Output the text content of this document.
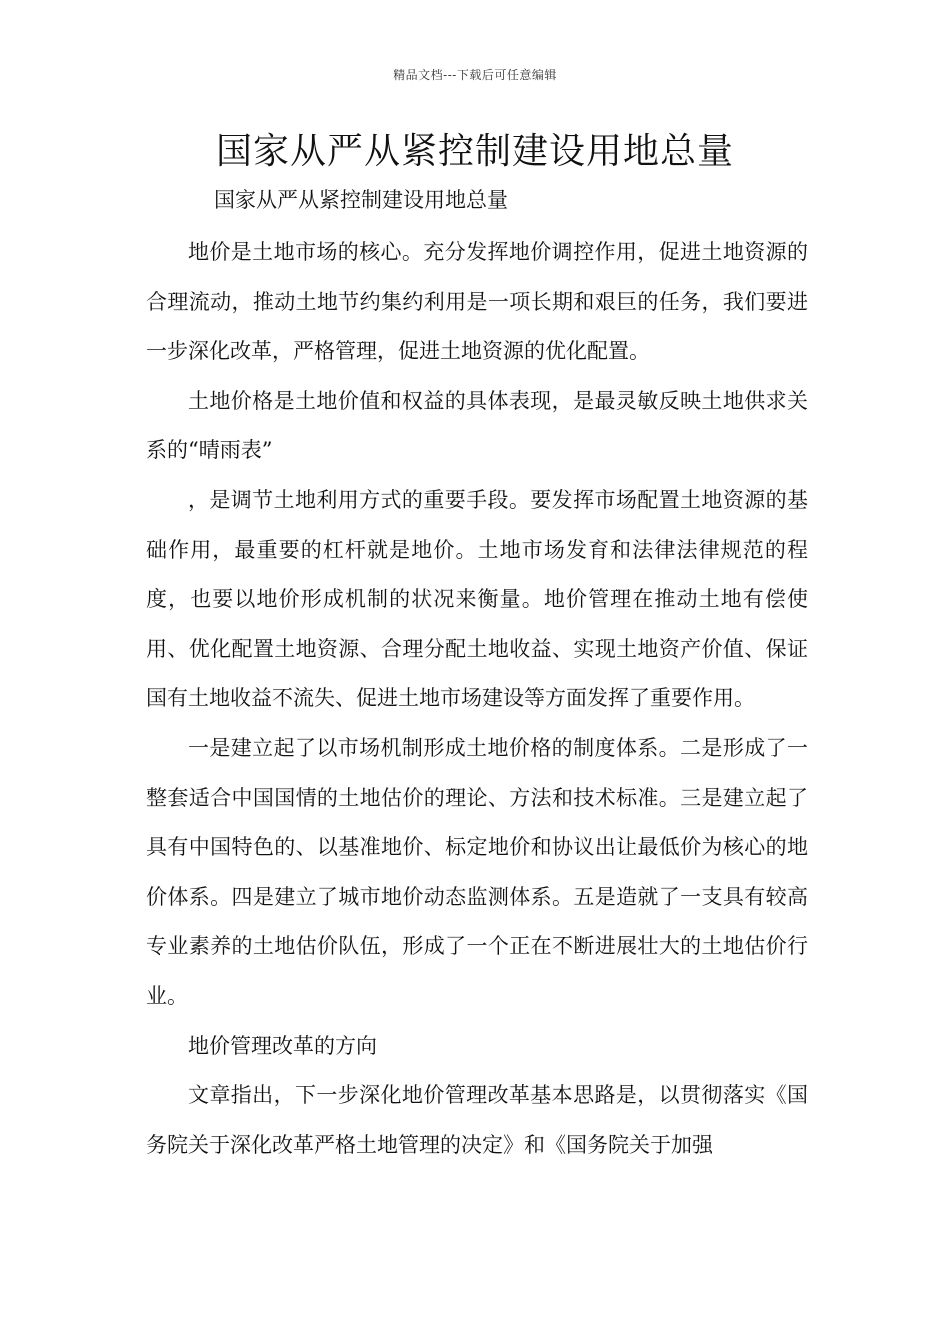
精品文档---下载后可任意编辑
国家从严从紧控制建设用地总量
国家从严从紧控制建设用地总量

地价是土地市场的核心。充分发挥地价调控作用，促进土地资源的合理流动，推动土地节约集约利用是一项长期和艰巨的任务，我们要进一步深化改革，严格管理，促进土地资源的优化配置。

土地价格是土地价值和权益的具体表现，是最灵敏反映土地供求关系的“晴雨表”

，是调节土地利用方式的重要手段。要发挥市场配置土地资源的基础作用，最重要的杠杆就是地价。土地市场发育和法律法律规范的程度，也要以地价形成机制的状况来衡量。地价管理在推动土地有偿使用、优化配置土地资源、合理分配土地收益、实现土地资产价值、保证国有土地收益不流失、促进土地市场建设等方面发挥了重要作用。

一是建立起了以市场机制形成土地价格的制度体系。二是形成了一整套适合中国国情的土地估价的理论、方法和技术标准。三是建立起了具有中国特色的、以基准地价、标定地价和协议出让最低价为核心的地价体系。四是建立了城市地价动态监测体系。五是造就了一支具有较高专业素养的土地估价队伍，形成了一个正在不断进展壮大的土地估价行业。

地价管理改革的方向

文章指出，下一步深化地价管理改革基本思路是，以贯彻落实《国务院关于深化改革严格土地管理的决定》和《国务院关于加强
